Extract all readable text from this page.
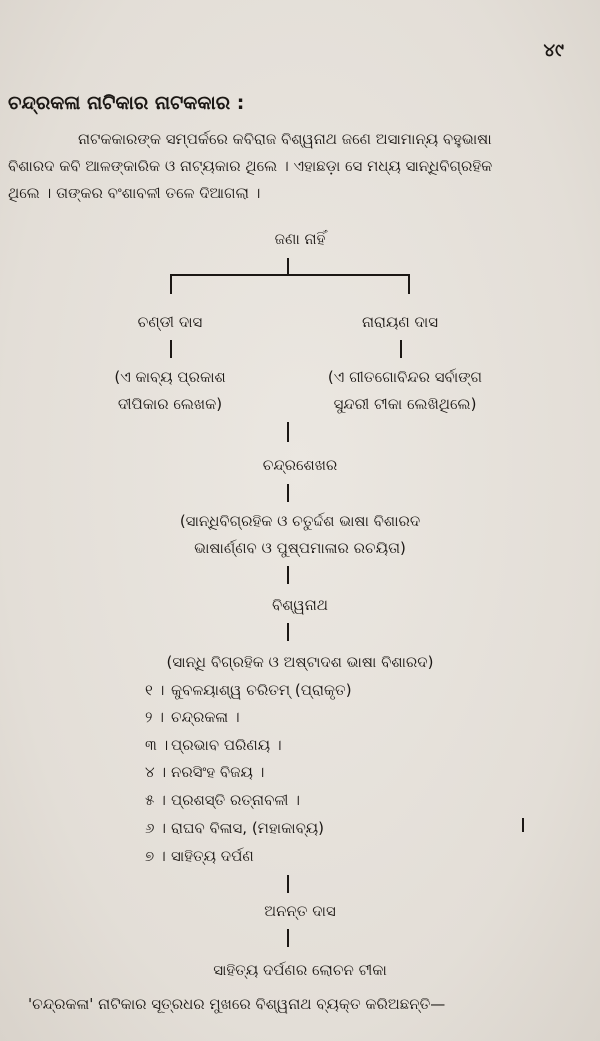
୪୯
ଚନ୍ଦ୍ରକଳା ନାଟିକାର ନାଟକକାର :
ନାଟକକାରଙ୍କ ସମ୍ପର୍କରେ କବିରାଜ ବିଶ୍ୱନାଥ ଜଣେ ଅସାମାନ୍ୟ ବହୁଭାଷା
ବିଶାରଦ କବି ଆଳଙ୍କାରିକ ଓ ନାଟ୍ୟକାର ଥିଲେ । ଏହାଛଡ଼ା ସେ ମଧ୍ୟ ସାନ୍ଧିବିଗ୍ରହିକ
ଥିଲେ । ତାଙ୍କର ବଂଶାବଳୀ ତଳେ ଦିଆଗଲା ।
ଜଣା ନାହିଁ
ଚଣ୍ଡୀ ଦାସ	ନାରାୟଣ ଦାସ
(ଏ କାବ୍ୟ ପ୍ରକାଶ
ଦୀପିକାର ଲେଖକ)
(ଏ ଗୀତଗୋବିନ୍ଦର ସର୍ବାଙ୍ଗ
ସୁନ୍ଦରୀ ଟୀକା ଲେଖିଥିଲେ)
ଚନ୍ଦ୍ରଶେଖର
(ସାନ୍ଧିବିଗ୍ରହିକ ଓ ଚତୁର୍ଦ୍ଦଶ ଭାଷା ବିଶାରଦ
ଭାଷାର୍ଣ୍ଣବ ଓ ପୁଷ୍ପମାଳାର ରଚୟିତା)
ବିଶ୍ୱନାଥ
(ସାନ୍ଧି ବିଗ୍ରହିକ ଓ ଅଷ୍ଟାଦଶ ଭାଷା ବିଶାରଦ)
୧ । କୁବଳୟାଶ୍ୱ ଚରିତମ୍ (ପ୍ରାକୃତ)
୨ । ଚନ୍ଦ୍ରକଳା ।
୩ । ପ୍ରଭାବ ପରିଣୟ ।
୪ । ନରସିଂହ ବିଜୟ ।
୫ । ପ୍ରଶସ୍ତି ରତ୍ନାବଳୀ ।
୬ । ରାଘବ ବିଳାସ, (ମହାକାବ୍ୟ)
୭ । ସାହିତ୍ୟ ଦର୍ପଣ
ଅନନ୍ତ ଦାସ
ସାହିତ୍ୟ ଦର୍ପଣର ଲୋଚନ ଟୀକା
'ଚନ୍ଦ୍ରକଳା' ନାଟିକାର ସୂତ୍ରଧର ମୁଖରେ ବିଶ୍ୱନାଥ ବ୍ୟକ୍ତ କରିଅଛନ୍ତି—
